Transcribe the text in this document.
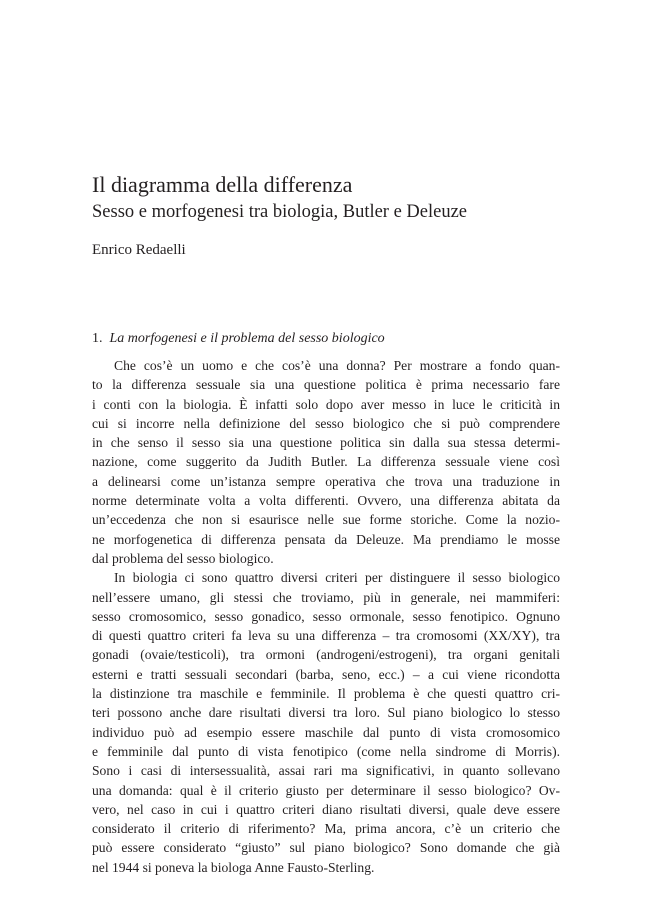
Il diagramma della differenza
Sesso e morfogenesi tra biologia, Butler e Deleuze

Enrico Redaelli

1. La morfogenesi e il problema del sesso biologico
Che cos’è un uomo e che cos’è una donna? Per mostrare a fondo quan-
to la differenza sessuale sia una questione politica è prima necessario fare
i conti con la biologia. È infatti solo dopo aver messo in luce le criticità in
cui si incorre nella definizione del sesso biologico che si può comprendere
in che senso il sesso sia una questione politica sin dalla sua stessa determi-
nazione, come suggerito da Judith Butler. La differenza sessuale viene così
a delinearsi come un’istanza sempre operativa che trova una traduzione in
norme determinate volta a volta differenti. Ovvero, una differenza abitata da
un’eccedenza che non si esaurisce nelle sue forme storiche. Come la nozio-
ne morfogenetica di differenza pensata da Deleuze. Ma prendiamo le mosse
dal problema del sesso biologico.
In biologia ci sono quattro diversi criteri per distinguere il sesso biologico
nell’essere umano, gli stessi che troviamo, più in generale, nei mammiferi:
sesso cromosomico, sesso gonadico, sesso ormonale, sesso fenotipico. Ognuno
di questi quattro criteri fa leva su una differenza – tra cromosomi (XX/XY), tra
gonadi (ovaie/testicoli), tra ormoni (androgeni/estrogeni), tra organi genitali
esterni e tratti sessuali secondari (barba, seno, ecc.) – a cui viene ricondotta
la distinzione tra maschile e femminile. Il problema è che questi quattro cri-
teri possono anche dare risultati diversi tra loro. Sul piano biologico lo stesso
individuo può ad esempio essere maschile dal punto di vista cromosomico
e femminile dal punto di vista fenotipico (come nella sindrome di Morris).
Sono i casi di intersessualità, assai rari ma significativi, in quanto sollevano
una domanda: qual è il criterio giusto per determinare il sesso biologico? Ov-
vero, nel caso in cui i quattro criteri diano risultati diversi, quale deve essere
considerato il criterio di riferimento? Ma, prima ancora, c’è un criterio che
può essere considerato “giusto” sul piano biologico? Sono domande che già
nel 1944 si poneva la biologa Anne Fausto-Sterling.
